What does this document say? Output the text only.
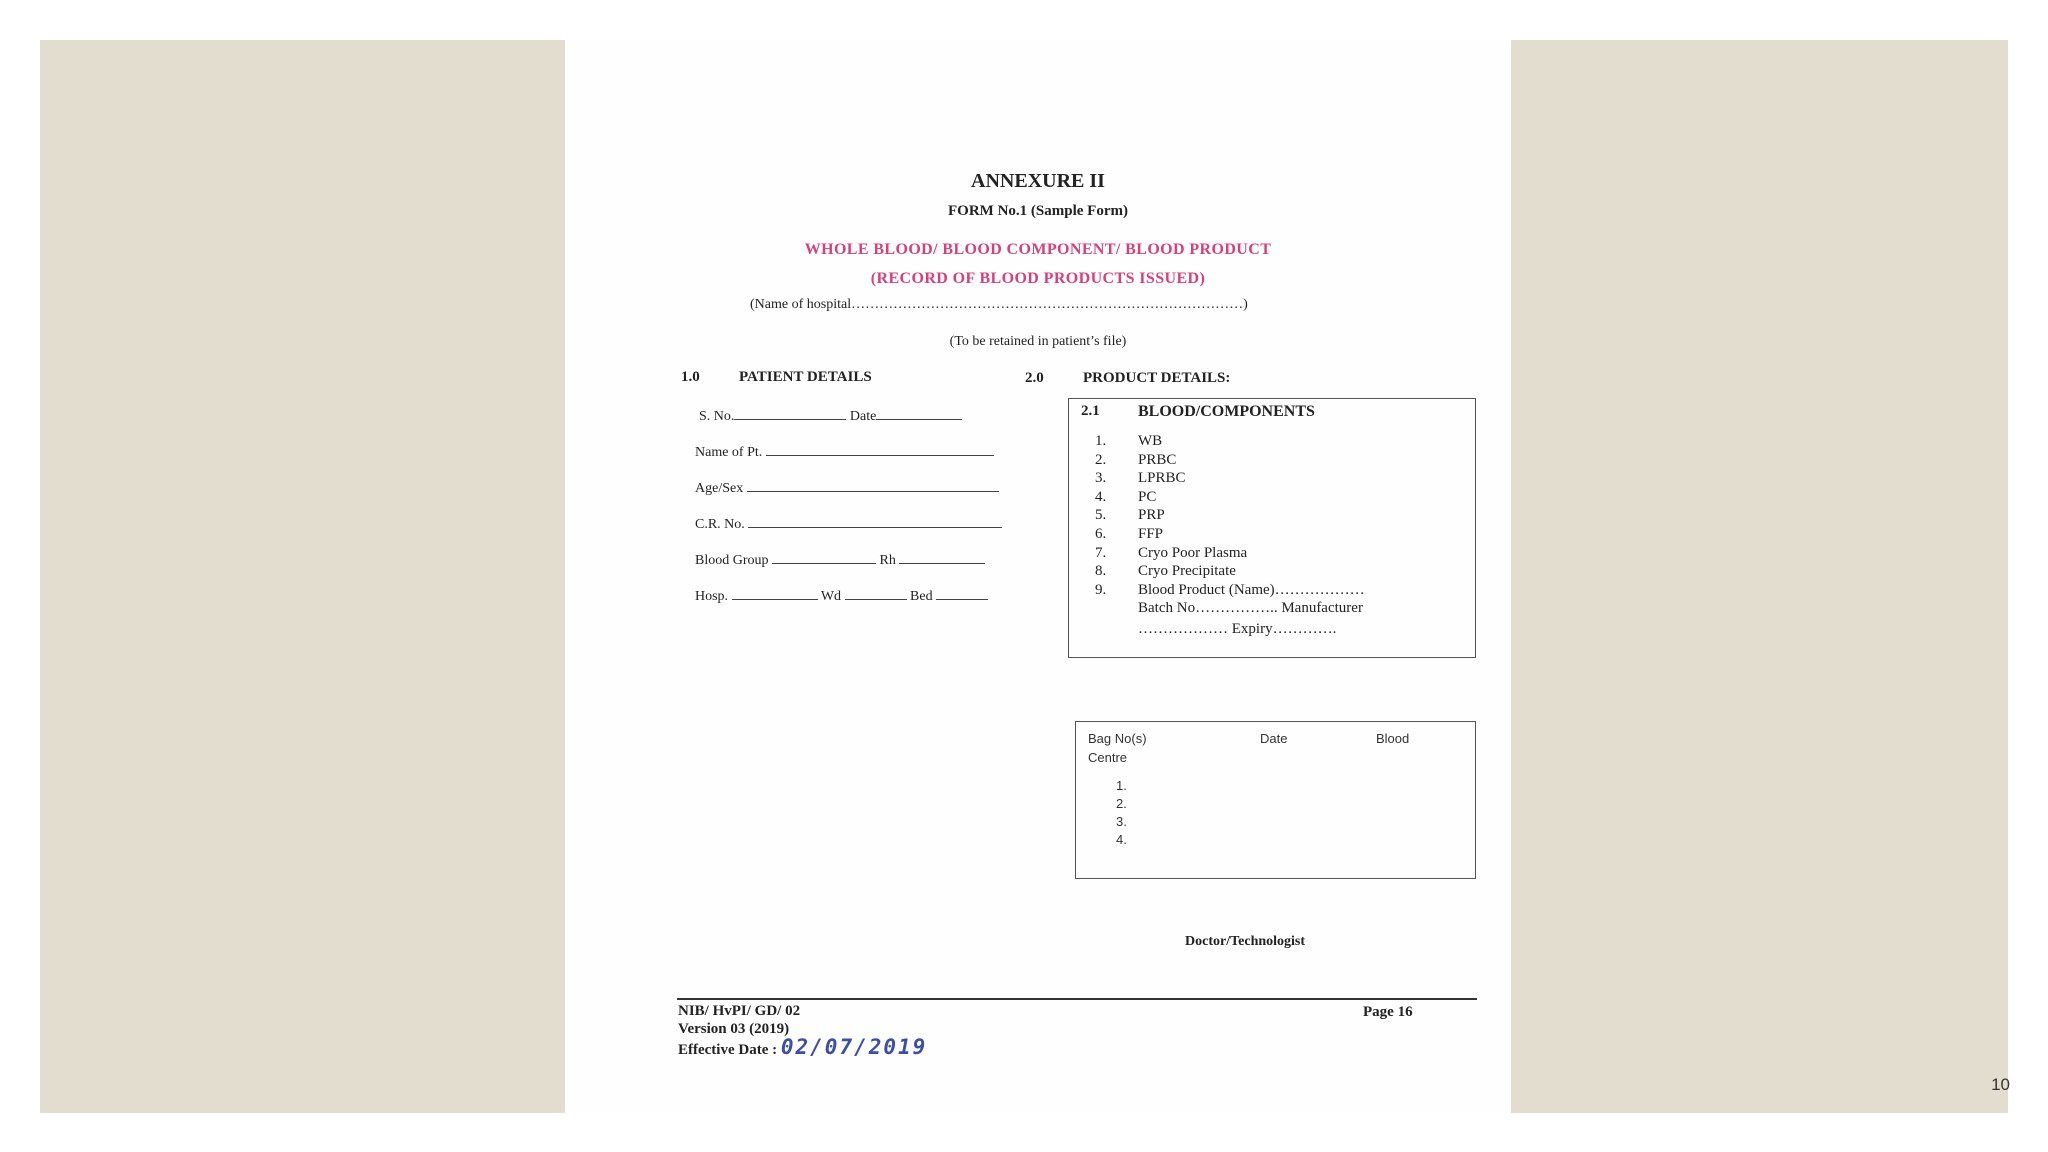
ANNEXURE II
FORM No.1 (Sample Form)
WHOLE BLOOD/ BLOOD COMPONENT/ BLOOD PRODUCT
(RECORD OF BLOOD PRODUCTS ISSUED)
(Name of hospital…………………………………………………………………………)
(To be retained in patient’s file)
1.0	PATIENT DETAILS	2.0	PRODUCT DETAILS:
S. No.	Date
Name of Pt.
Age/Sex
C.R. No.
Blood Group	Rh
Hosp.	Wd	Bed
2.1 BLOOD/COMPONENTS
1. WB
2. PRBC
3. LPRBC
4. PC
5. PRP
6. FFP
7. Cryo Poor Plasma
8. Cryo Precipitate
9. Blood Product (Name)………………
Batch No…………….. Manufacturer
……………… Expiry………….
Bag No(s)	Date	Blood
Centre
1.
2.
3.
4.
Doctor/Technologist
NIB/ HvPI/ GD/ 02
Version 03 (2019)
Effective Date : 02/07/2019
Page 16
10
